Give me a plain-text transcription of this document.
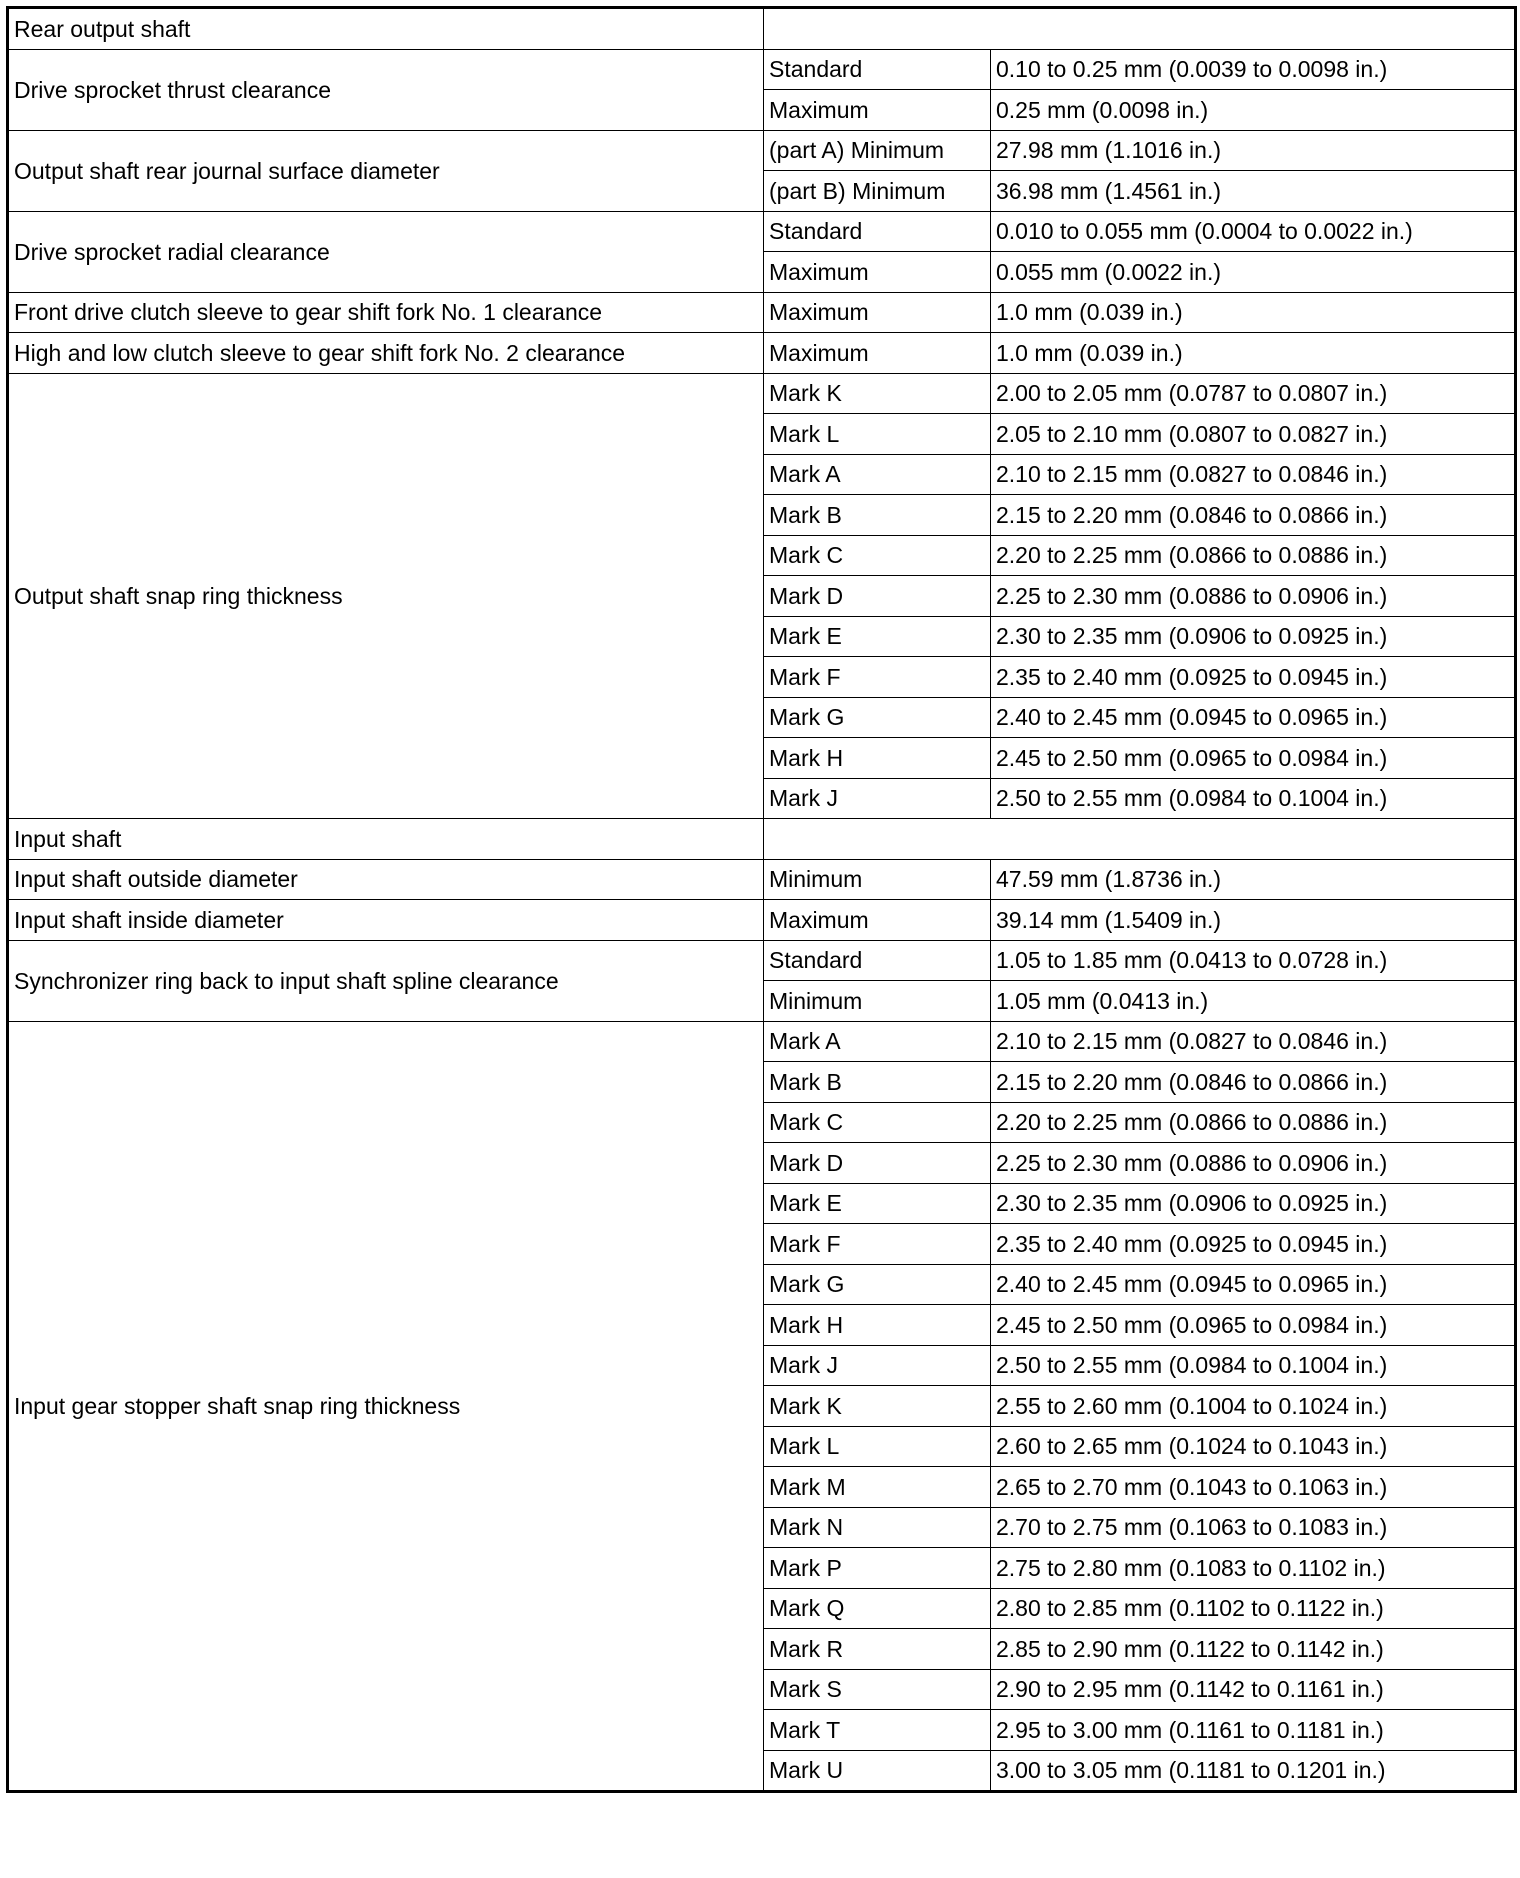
Rear output shaft		
Drive sprocket thrust clearance	Standard	0.10 to 0.25 mm (0.0039 to 0.0098 in.)
	Maximum	0.25 mm (0.0098 in.)
Output shaft rear journal surface diameter	(part A) Minimum	27.98 mm (1.1016 in.)
	(part B) Minimum	36.98 mm (1.4561 in.)
Drive sprocket radial clearance	Standard	0.010 to 0.055 mm (0.0004 to 0.0022 in.)
	Maximum	0.055 mm (0.0022 in.)
Front drive clutch sleeve to gear shift fork No. 1 clearance	Maximum	1.0 mm (0.039 in.)
High and low clutch sleeve to gear shift fork No. 2 clearance	Maximum	1.0 mm (0.039 in.)
Output shaft snap ring thickness	Mark K	2.00 to 2.05 mm (0.0787 to 0.0807 in.)
	Mark L	2.05 to 2.10 mm (0.0807 to 0.0827 in.)
	Mark A	2.10 to 2.15 mm (0.0827 to 0.0846 in.)
	Mark B	2.15 to 2.20 mm (0.0846 to 0.0866 in.)
	Mark C	2.20 to 2.25 mm (0.0866 to 0.0886 in.)
	Mark D	2.25 to 2.30 mm (0.0886 to 0.0906 in.)
	Mark E	2.30 to 2.35 mm (0.0906 to 0.0925 in.)
	Mark F	2.35 to 2.40 mm (0.0925 to 0.0945 in.)
	Mark G	2.40 to 2.45 mm (0.0945 to 0.0965 in.)
	Mark H	2.45 to 2.50 mm (0.0965 to 0.0984 in.)
	Mark J	2.50 to 2.55 mm (0.0984 to 0.1004 in.)
Input shaft		
Input shaft outside diameter	Minimum	47.59 mm (1.8736 in.)
Input shaft inside diameter	Maximum	39.14 mm (1.5409 in.)
Synchronizer ring back to input shaft spline clearance	Standard	1.05 to 1.85 mm (0.0413 to 0.0728 in.)
	Minimum	1.05 mm (0.0413 in.)
Input gear stopper shaft snap ring thickness	Mark A	2.10 to 2.15 mm (0.0827 to 0.0846 in.)
	Mark B	2.15 to 2.20 mm (0.0846 to 0.0866 in.)
	Mark C	2.20 to 2.25 mm (0.0866 to 0.0886 in.)
	Mark D	2.25 to 2.30 mm (0.0886 to 0.0906 in.)
	Mark E	2.30 to 2.35 mm (0.0906 to 0.0925 in.)
	Mark F	2.35 to 2.40 mm (0.0925 to 0.0945 in.)
	Mark G	2.40 to 2.45 mm (0.0945 to 0.0965 in.)
	Mark H	2.45 to 2.50 mm (0.0965 to 0.0984 in.)
	Mark J	2.50 to 2.55 mm (0.0984 to 0.1004 in.)
	Mark K	2.55 to 2.60 mm (0.1004 to 0.1024 in.)
	Mark L	2.60 to 2.65 mm (0.1024 to 0.1043 in.)
	Mark M	2.65 to 2.70 mm (0.1043 to 0.1063 in.)
	Mark N	2.70 to 2.75 mm (0.1063 to 0.1083 in.)
	Mark P	2.75 to 2.80 mm (0.1083 to 0.1102 in.)
	Mark Q	2.80 to 2.85 mm (0.1102 to 0.1122 in.)
	Mark R	2.85 to 2.90 mm (0.1122 to 0.1142 in.)
	Mark S	2.90 to 2.95 mm (0.1142 to 0.1161 in.)
	Mark T	2.95 to 3.00 mm (0.1161 to 0.1181 in.)
	Mark U	3.00 to 3.05 mm (0.1181 to 0.1201 in.)
